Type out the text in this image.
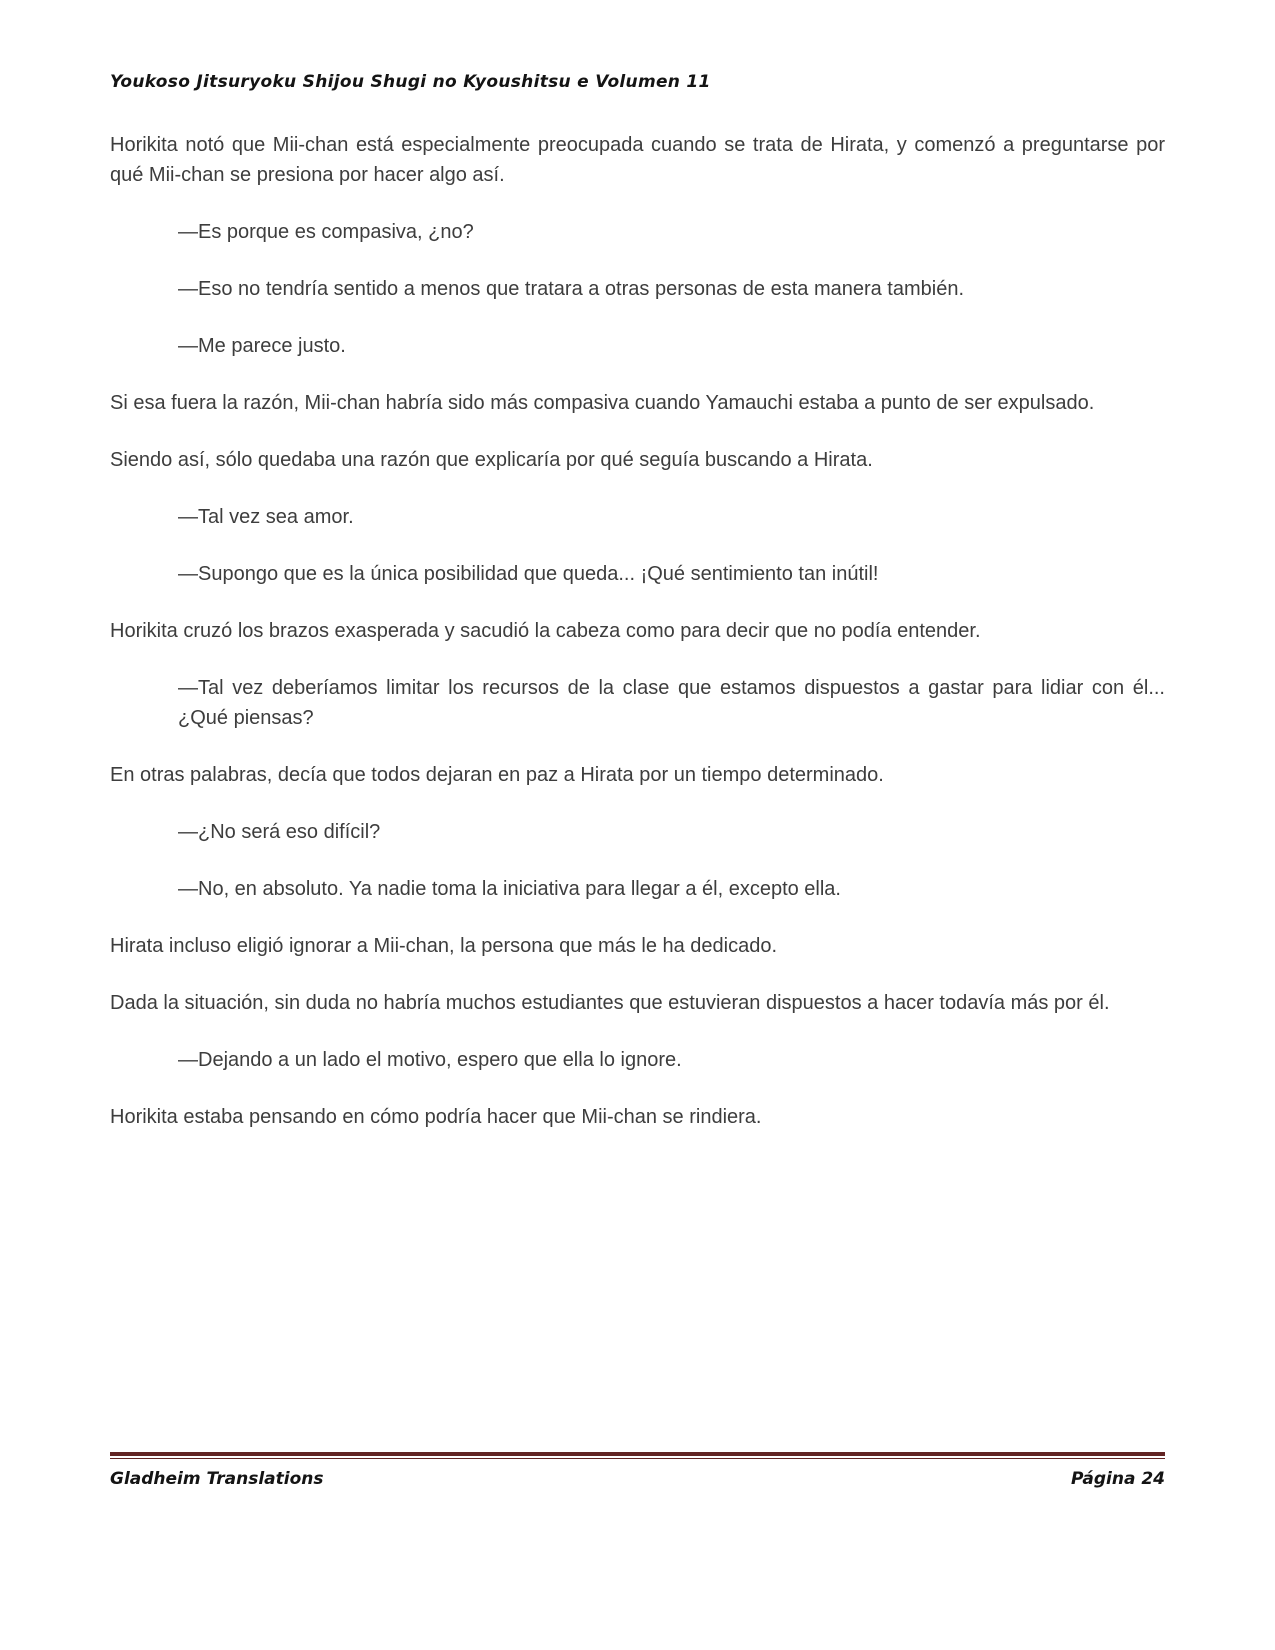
Youkoso Jitsuryoku Shijou Shugi no Kyoushitsu e Volumen 11

Horikita notó que Mii-chan está especialmente preocupada cuando se trata de Hirata, y comenzó a preguntarse por qué Mii-chan se presiona por hacer algo así.

—Es porque es compasiva, ¿no?

—Eso no tendría sentido a menos que tratara a otras personas de esta manera también.

—Me parece justo.

Si esa fuera la razón, Mii-chan habría sido más compasiva cuando Yamauchi estaba a punto de ser expulsado.

Siendo así, sólo quedaba una razón que explicaría por qué seguía buscando a Hirata.

—Tal vez sea amor.

—Supongo que es la única posibilidad que queda... ¡Qué sentimiento tan inútil!

Horikita cruzó los brazos exasperada y sacudió la cabeza como para decir que no podía entender.

—Tal vez deberíamos limitar los recursos de la clase que estamos dispuestos a gastar para lidiar con él... ¿Qué piensas?

En otras palabras, decía que todos dejaran en paz a Hirata por un tiempo determinado.

—¿No será eso difícil?

—No, en absoluto. Ya nadie toma la iniciativa para llegar a él, excepto ella.

Hirata incluso eligió ignorar a Mii-chan, la persona que más le ha dedicado.

Dada la situación, sin duda no habría muchos estudiantes que estuvieran dispuestos a hacer todavía más por él.

—Dejando a un lado el motivo, espero que ella lo ignore.

Horikita estaba pensando en cómo podría hacer que Mii-chan se rindiera.

Gladheim Translations	Página 24
